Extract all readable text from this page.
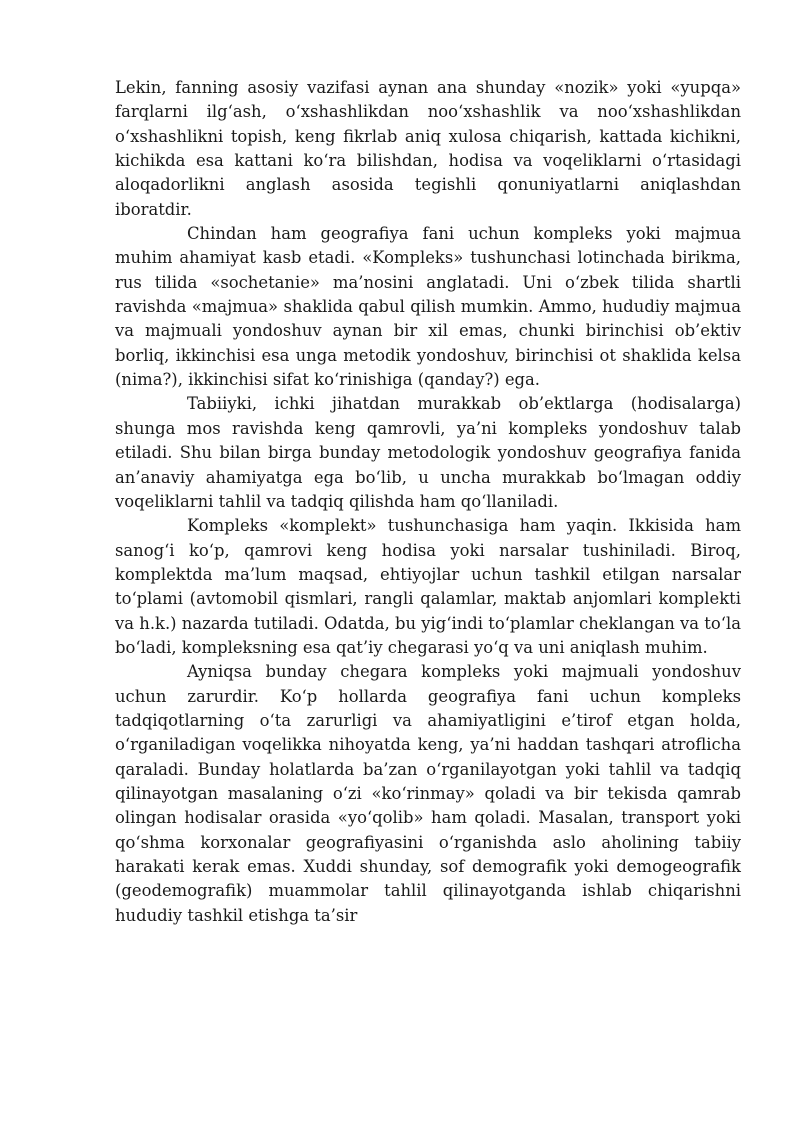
Lekin, fanning asosiy vazifasi aynan ana shunday «nozik» yoki «yupqa» farqlarni ilg‘ash, o‘xshashlikdan noo‘xshashlik va noo‘xshashlikdan o‘xshashlikni topish, keng fikrlab aniq xulosa chiqarish, kattada kichikni, kichikda esa kattani ko‘ra bilishdan, hodisa va voqeliklarni o‘rtasidagi aloqadorlikni anglash asosida tegishli qonuniyatlarni aniqlashdan iboratdir.

Chindan ham geografiya fani uchun kompleks yoki majmua muhim ahamiyat kasb etadi. «Kompleks» tushunchasi lotinchada birikma, rus tilida «sochetanie» ma’nosini anglatadi. Uni o‘zbek tilida shartli ravishda «majmua» shaklida qabul qilish mumkin. Ammo, hududiy majmua va majmuali yondoshuv aynan bir xil emas, chunki birinchisi ob’ektiv borliq, ikkinchisi esa unga metodik yondoshuv, birinchisi ot shaklida kelsa (nima?), ikkinchisi sifat ko‘rinishiga (qanday?) ega.

Tabiiyki, ichki jihatdan murakkab ob’ektlarga (hodisalarga) shunga mos ravishda keng qamrovli, ya’ni kompleks yondoshuv talab etiladi. Shu bilan birga bunday metodologik yondoshuv geografiya fanida an’anaviy ahamiyatga ega bo‘lib, u uncha murakkab bo‘lmagan oddiy voqeliklarni tahlil va tadqiq qilishda ham qo‘llaniladi.

Kompleks «komplekt» tushunchasiga ham yaqin. Ikkisida ham sanog‘i ko‘p, qamrovi keng hodisa yoki narsalar tushiniladi. Biroq, komplektda ma’lum maqsad, ehtiyojlar uchun tashkil etilgan narsalar to‘plami (avtomobil qismlari, rangli qalamlar, maktab anjomlari komplekti va h.k.) nazarda tutiladi. Odatda, bu yig‘indi to‘plamlar cheklangan va to‘la bo‘ladi, kompleksning esa qat’iy chegarasi yo‘q va uni aniqlash muhim.

Ayniqsa bunday chegara kompleks yoki majmuali yondoshuv uchun zarurdir. Ko‘p hollarda geografiya fani uchun kompleks tadqiqotlarning o‘ta zarurligi va ahamiyatligini e’tirof etgan holda, o‘rganiladigan voqelikka nihoyatda keng, ya’ni haddan tashqari atroflicha qaraladi. Bunday holatlarda ba’zan o‘rganilayotgan yoki tahlil va tadqiq qilinayotgan masalaning o‘zi «ko‘rinmay» qoladi va bir tekisda qamrab olingan hodisalar orasida «yo‘qolib» ham qoladi. Masalan, transport yoki qo‘shma korxonalar geografiyasini o‘rganishda aslo aholining tabiiy harakati kerak emas. Xuddi shunday, sof demografik yoki demogeografik (geodemografik) muammolar tahlil qilinayotganda ishlab chiqarishni hududiy tashkil etishga ta’sir
